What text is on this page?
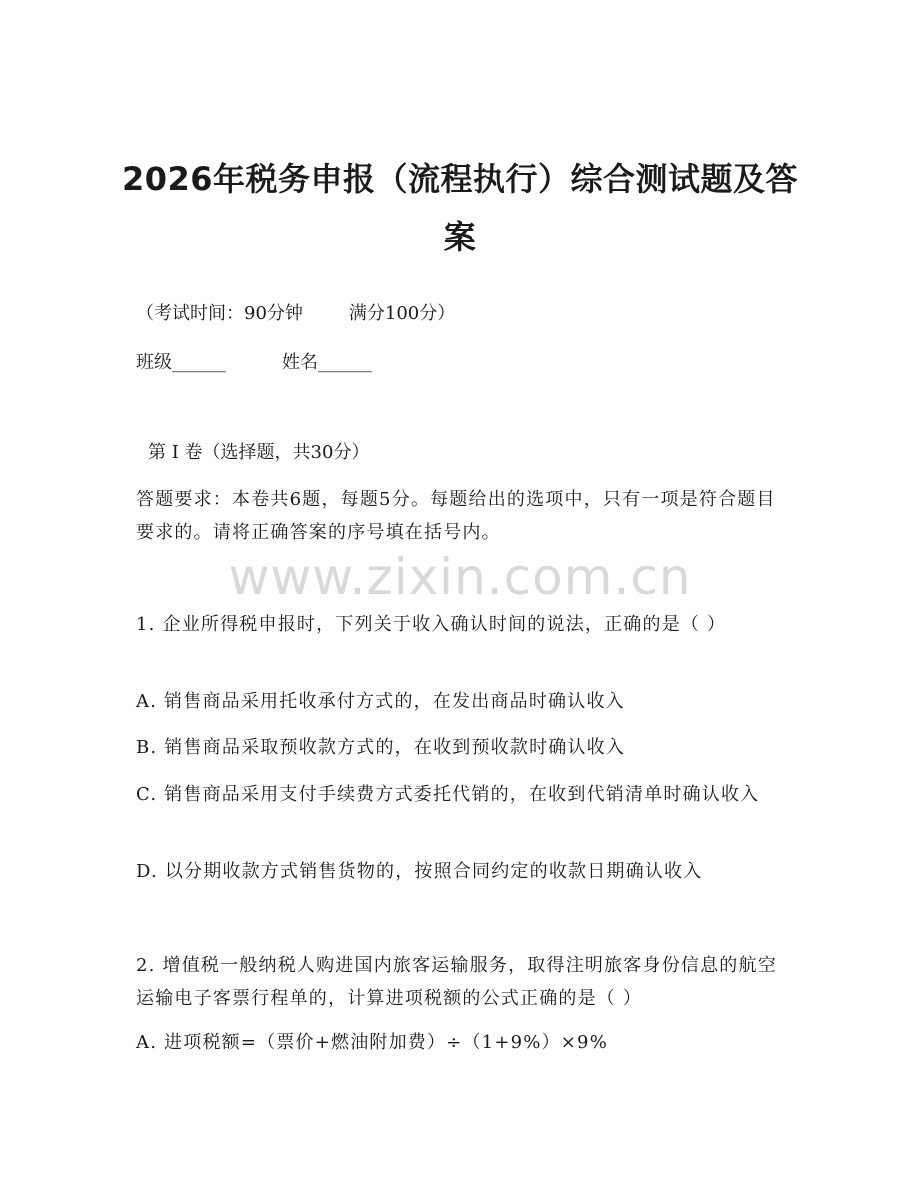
2026年税务申报（流程执行）综合测试题及答案
（考试时间：90分钟	满分100分）
班级______	姓名______
第 I 卷（选择题，共30分）
答题要求：本卷共6题，每题5分。每题给出的选项中，只有一项是符合题目要求的。请将正确答案的序号填在括号内。
www.zixin.com.cn
1. 企业所得税申报时，下列关于收入确认时间的说法，正确的是（ ）
A. 销售商品采用托收承付方式的，在发出商品时确认收入
B. 销售商品采取预收款方式的，在收到预收款时确认收入
C. 销售商品采用支付手续费方式委托代销的，在收到代销清单时确认收入
D. 以分期收款方式销售货物的，按照合同约定的收款日期确认收入
2. 增值税一般纳税人购进国内旅客运输服务，取得注明旅客身份信息的航空运输电子客票行程单的，计算进项税额的公式正确的是（ ）
A. 进项税额=（票价+燃油附加费）÷（1+9%）×9%
